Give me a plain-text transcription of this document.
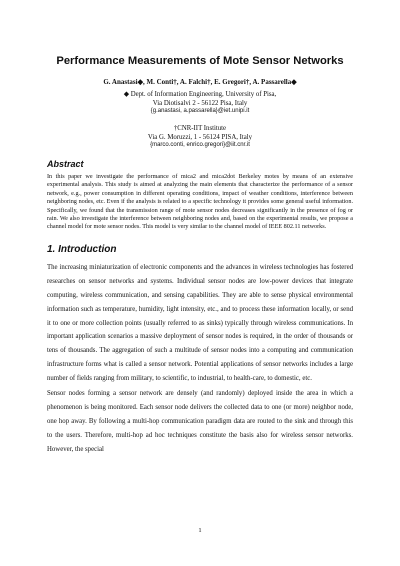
Performance Measurements of Mote Sensor Networks
G. Anastasi◆, M. Conti†, A. Falchi†, E. Gregori†, A. Passarella◆
◆ Dept. of Information Engineering, University of Pisa,
Via Diotisalvi 2 - 56122 Pisa, Italy
{g.anastasi, a.passarella}@iet.unipi.it
†CNR-IIT Institute
Via G. Moruzzi, 1 - 56124 PISA, Italy
{marco.conti, enrico.gregori}@iit.cnr.it
Abstract

In this paper we investigate the performance of mica2 and mica2dot Berkeley motes by means of an extensive experimental analysis. This study is aimed at analyzing the main elements that characterize the performance of a sensor network, e.g., power consumption in different operating conditions, impact of weather conditions, interference between neighboring nodes, etc. Even if the analysis is related to a specific technology it provides some general useful information. Specifically, we found that the transmission range of mote sensor nodes decreases significantly in the presence of fog or rain. We also investigate the interference between neighboring nodes and, based on the experimental results, we propose a channel model for mote sensor nodes. This model is very similar to the channel model of IEEE 802.11 networks.

1. Introduction

The increasing miniaturization of electronic components and the advances in wireless technologies has fostered researches on sensor networks and systems. Individual sensor nodes are low-power devices that integrate computing, wireless communication, and sensing capabilities. They are able to sense physical environmental information such as temperature, humidity, light intensity, etc., and to process these information locally, or send it to one or more collection points (usually referred to as sinks) typically through wireless communications. In important application scenarios a massive deployment of sensor nodes is required, in the order of thousands or tens of thousands. The aggregation of such a multitude of sensor nodes into a computing and communication infrastructure forms what is called a sensor network. Potential applications of sensor networks includes a large number of fields ranging from military, to scientific, to industrial, to health-care, to domestic, etc.

Sensor nodes forming a sensor network are densely (and randomly) deployed inside the area in which a phenomenon is being monitored. Each sensor node delivers the collected data to one (or more) neighbor node, one hop away. By following a multi-hop communication paradigm data are routed to the sink and through this to the users. Therefore, multi-hop ad hoc techniques constitute the basis also for wireless sensor networks. However, the special

1
